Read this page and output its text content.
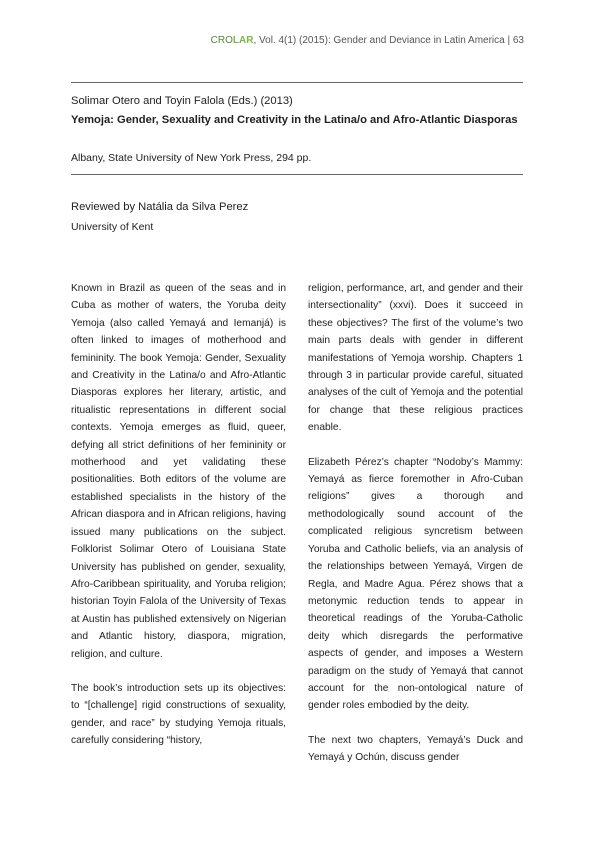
CROLAR, Vol. 4(1) (2015): Gender and Deviance in Latin America | 63
Solimar Otero and Toyin Falola (Eds.) (2013)
Yemoja: Gender, Sexuality and Creativity in the Latina/o and Afro-Atlantic Diasporas
Albany, State University of New York Press, 294 pp.
Reviewed by Natália da Silva Perez
University of Kent

Known in Brazil as queen of the seas and in Cuba as mother of waters, the Yoruba deity Yemoja (also called Yemayá and Iemanjá) is often linked to images of motherhood and femininity. The book Yemoja: Gender, Sexuality and Creativity in the Latina/o and Afro-Atlantic Diasporas explores her literary, artistic, and ritualistic representations in different social contexts. Yemoja emerges as fluid, queer, defying all strict definitions of her femininity or motherhood and yet validating these positionalities. Both editors of the volume are established specialists in the history of the African diaspora and in African religions, having issued many publications on the subject. Folklorist Solimar Otero of Louisiana State University has published on gender, sexuality, Afro-Caribbean spirituality, and Yoruba religion; historian Toyin Falola of the University of Texas at Austin has published extensively on Nigerian and Atlantic history, diaspora, migration, religion, and culture.

The book’s introduction sets up its objectives: to “[challenge] rigid constructions of sexuality, gender, and race” by studying Yemoja rituals, carefully considering “history,

religion, performance, art, and gender and their intersectionality” (xxvi). Does it succeed in these objectives? The first of the volume’s two main parts deals with gender in different manifestations of Yemoja worship. Chapters 1 through 3 in particular provide careful, situated analyses of the cult of Yemoja and the potential for change that these religious practices enable.

Elizabeth Pérez’s chapter “Nodoby’s Mammy: Yemayá as fierce foremother in Afro-Cuban religions” gives a thorough and methodologically sound account of the complicated religious syncretism between Yoruba and Catholic beliefs, via an analysis of the relationships between Yemayá, Virgen de Regla, and Madre Agua. Pérez shows that a metonymic reduction tends to appear in theoretical readings of the Yoruba-Catholic deity which disregards the performative aspects of gender, and imposes a Western paradigm on the study of Yemayá that cannot account for the non-ontological nature of gender roles embodied by the deity.

The next two chapters, Yemayá’s Duck and Yemayá y Ochún, discuss gender
